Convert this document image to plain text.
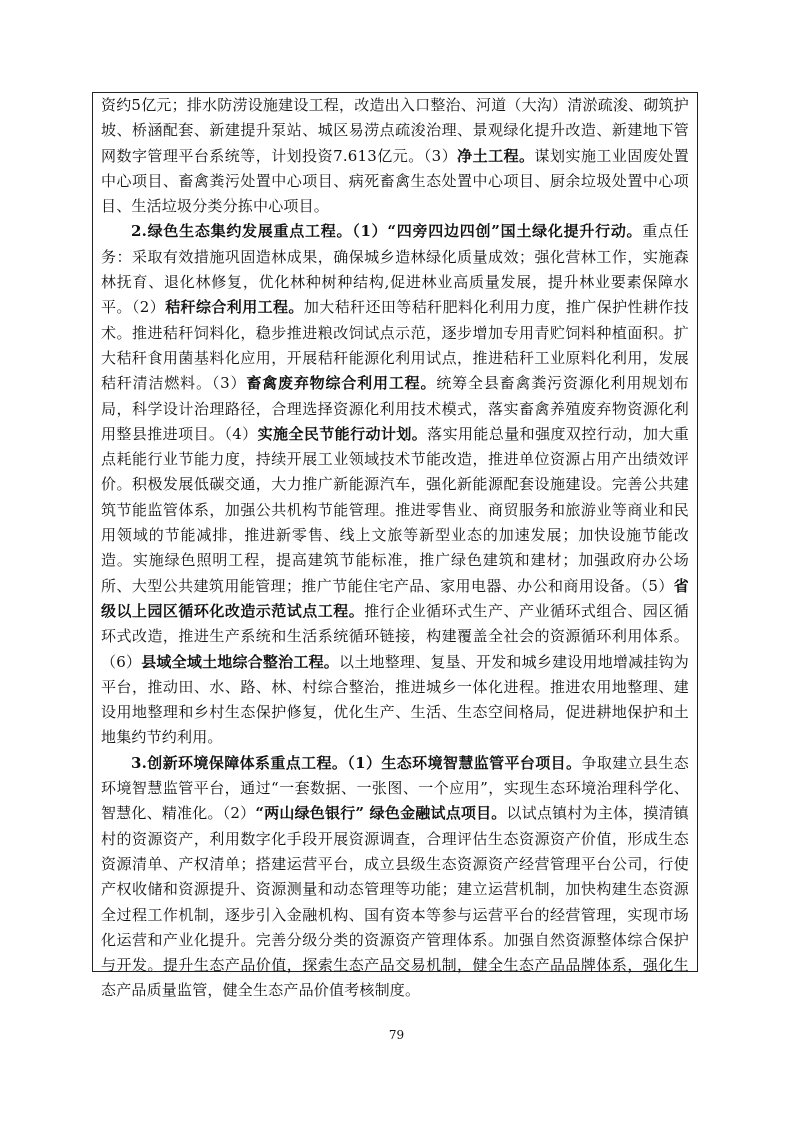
资约5亿元；排水防涝设施建设工程，改造出入口整治、河道（大沟）清淤疏浚、砌筑护坡、桥涵配套、新建提升泵站、城区易涝点疏浚治理、景观绿化提升改造、新建地下管网数字管理平台系统等，计划投资7.613亿元。（3）净土工程。谋划实施工业固废处置中心项目、畜禽粪污处置中心项目、病死畜禽生态处置中心项目、厨余垃圾处置中心项目、生活垃圾分类分拣中心项目。

2.绿色生态集约发展重点工程。（1）“四旁四边四创”国土绿化提升行动。重点任务：采取有效措施巩固造林成果，确保城乡造林绿化质量成效；强化营林工作，实施森林抚育、退化林修复，优化林种树种结构,促进林业高质量发展，提升林业要素保障水平。（2）秸秆综合利用工程。加大秸秆还田等秸秆肥料化利用力度，推广保护性耕作技术。推进秸秆饲料化，稳步推进粮改饲试点示范，逐步增加专用青贮饲料种植面积。扩大秸秆食用菌基料化应用，开展秸秆能源化利用试点，推进秸秆工业原料化利用，发展秸秆清洁燃料。（3）畜禽废弃物综合利用工程。统筹全县畜禽粪污资源化利用规划布局，科学设计治理路径，合理选择资源化利用技术模式，落实畜禽养殖废弃物资源化利用整县推进项目。（4）实施全民节能行动计划。落实用能总量和强度双控行动，加大重点耗能行业节能力度，持续开展工业领域技术节能改造，推进单位资源占用产出绩效评价。积极发展低碳交通，大力推广新能源汽车，强化新能源配套设施建设。完善公共建筑节能监管体系，加强公共机构节能管理。推进零售业、商贸服务和旅游业等商业和民用领域的节能减排，推进新零售、线上文旅等新型业态的加速发展；加快设施节能改造。实施绿色照明工程，提高建筑节能标准，推广绿色建筑和建材；加强政府办公场所、大型公共建筑用能管理；推广节能住宅产品、家用电器、办公和商用设备。（5）省级以上园区循环化改造示范试点工程。推行企业循环式生产、产业循环式组合、园区循环式改造，推进生产系统和生活系统循环链接，构建覆盖全社会的资源循环利用体系。（6）县域全域土地综合整治工程。以土地整理、复垦、开发和城乡建设用地增减挂钩为平台，推动田、水、路、林、村综合整治，推进城乡一体化进程。推进农用地整理、建设用地整理和乡村生态保护修复，优化生产、生活、生态空间格局，促进耕地保护和土地集约节约利用。

3.创新环境保障体系重点工程。（1）生态环境智慧监管平台项目。争取建立县生态环境智慧监管平台，通过“一套数据、一张图、一个应用”，实现生态环境治理科学化、智慧化、精准化。（2）“两山绿色银行” 绿色金融试点项目。以试点镇村为主体，摸清镇村的资源资产，利用数字化手段开展资源调查，合理评估生态资源资产价值，形成生态资源清单、产权清单；搭建运营平台，成立县级生态资源资产经营管理平台公司，行使产权收储和资源提升、资源测量和动态管理等功能；建立运营机制，加快构建生态资源全过程工作机制，逐步引入金融机构、国有资本等参与运营平台的经营管理，实现市场化运营和产业化提升。完善分级分类的资源资产管理体系。加强自然资源整体综合保护与开发。提升生态产品价值，探索生态产品交易机制，健全生态产品品牌体系，强化生态产品质量监管，健全生态产品价值考核制度。

79
